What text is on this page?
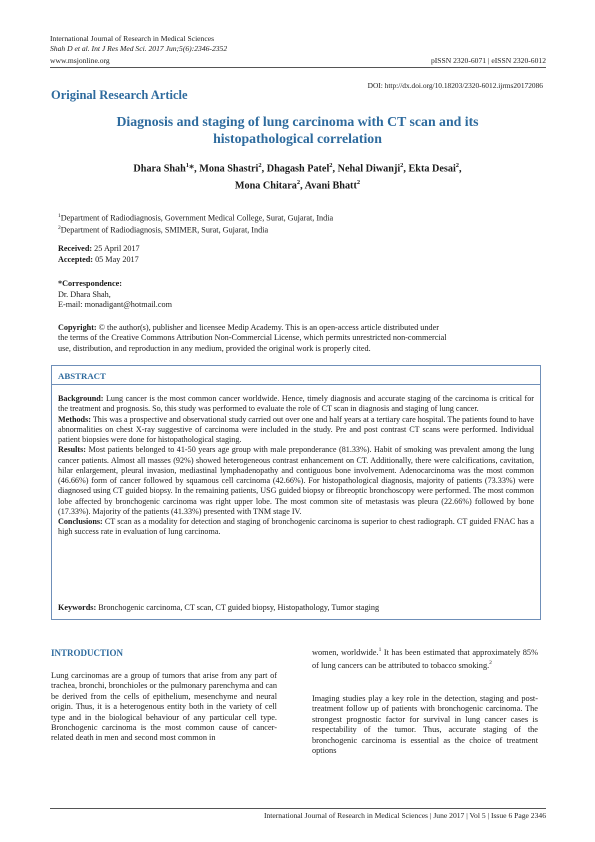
International Journal of Research in Medical Sciences
Shah D et al. Int J Res Med Sci. 2017 Jun;5(6):2346-2352
www.msjonline.org	pISSN 2320-6071 | eISSN 2320-6012
DOI: http://dx.doi.org/10.18203/2320-6012.ijrms20172086
Original Research Article
Diagnosis and staging of lung carcinoma with CT scan and its
histopathological correlation
Dhara Shah$^1$*, Mona Shastri$^2$, Dhagash Patel$^2$, Nehal Diwanji$^2$, Ekta Desai$^2$,
Mona Chitara$^2$, Avani Bhatt$^2$
$^1$Department of Radiodiagnosis, Government Medical College, Surat, Gujarat, India
$^2$Department of Radiodiagnosis, SMIMER, Surat, Gujarat, India
Received: 25 April 2017
Accepted: 05 May 2017
*Correspondence:
Dr. Dhara Shah,
E-mail: monadigant@hotmail.com
Copyright: © the author(s), publisher and licensee Medip Academy. This is an open-access article distributed under
the terms of the Creative Commons Attribution Non-Commercial License, which permits unrestricted non-commercial
use, distribution, and reproduction in any medium, provided the original work is properly cited.
ABSTRACT
Background: Lung cancer is the most common cancer worldwide. Hence, timely diagnosis and accurate staging of the carcinoma is critical for the treatment and prognosis. So, this study was performed to evaluate the role of CT scan in diagnosis and staging of lung cancer.
Methods: This was a prospective and observational study carried out over one and half years at a tertiary care hospital. The patients found to have abnormalities on chest X-ray suggestive of carcinoma were included in the study. Pre and post contrast CT scans were performed. Individual patient biopsies were done for histopathological staging.
Results: Most patients belonged to 41-50 years age group with male preponderance (81.33%). Habit of smoking was prevalent among the lung cancer patients. Almost all masses (92%) showed heterogeneous contrast enhancement on CT. Additionally, there were calcifications, cavitation, hilar enlargement, pleural invasion, mediastinal lymphadenopathy and contiguous bone involvement. Adenocarcinoma was the most common (46.66%) form of cancer followed by squamous cell carcinoma (42.66%). For histopathological diagnosis, majority of patients (73.33%) were diagnosed using CT guided biopsy. In the remaining patients, USG guided biopsy or fibreoptic bronchoscopy were performed. The most common lobe affected by bronchogenic carcinoma was right upper lobe. The most common site of metastasis was pleura (22.66%) followed by bone (17.33%). Majority of the patients (41.33%) presented with TNM stage IV.
Conclusions: CT scan as a modality for detection and staging of bronchogenic carcinoma is superior to chest radiograph. CT guided FNAC has a high success rate in evaluation of lung carcinoma.
Keywords: Bronchogenic carcinoma, CT scan, CT guided biopsy, Histopathology, Tumor staging
INTRODUCTION
Lung carcinomas are a group of tumors that arise from any part of trachea, bronchi, bronchioles or the pulmonary parenchyma and can be derived from the cells of epithelium, mesenchyme and neural origin. Thus, it is a heterogenous entity both in the variety of cell type and in the biological behaviour of any particular cell type. Bronchogenic carcinoma is the most common cause of cancer-related death in men and second most common in
women, worldwide.$^1$ It has been estimated that approximately 85% of lung cancers can be attributed to tobacco smoking.$^2$
Imaging studies play a key role in the detection, staging and post-treatment follow up of patients with bronchogenic carcinoma. The strongest prognostic factor for survival in lung cancer cases is respectability of the tumor. Thus, accurate staging of the bronchogenic carcinoma is essential as the choice of treatment options
International Journal of Research in Medical Sciences | June 2017 | Vol 5 | Issue 6 Page 2346
